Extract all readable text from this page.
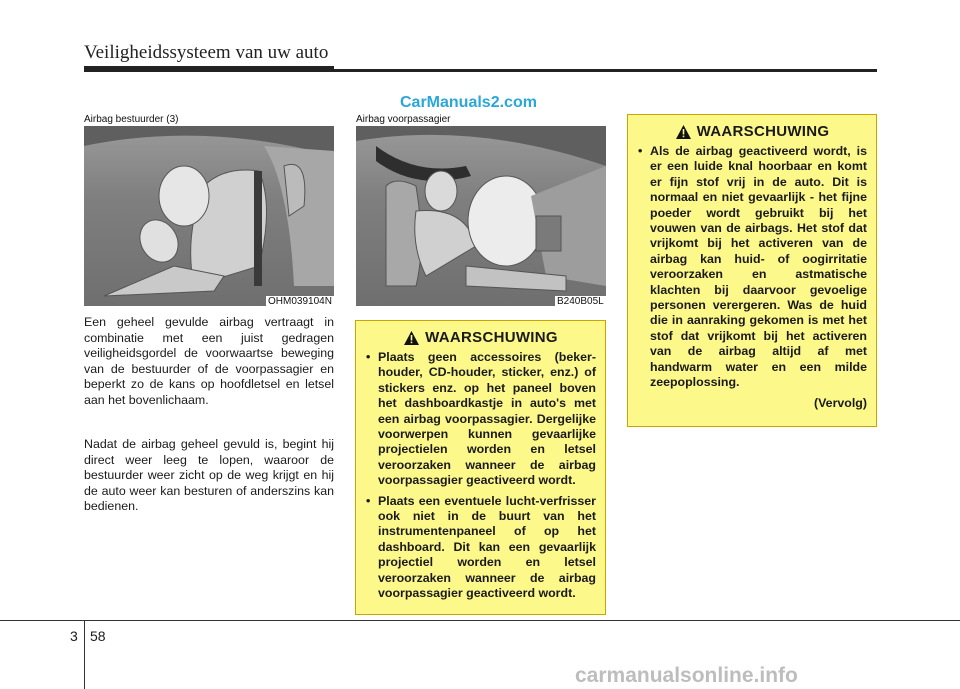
Veiligheidssysteem van uw auto
CarManuals2.com
Airbag bestuurder (3)
OHM039104N
Airbag voorpassagier
B240B05L
Een geheel gevulde airbag vertraagt in combinatie met een juist gedragen veiligheidsgordel de voorwaartse beweging van de bestuurder of de voorpassagier en beperkt zo de kans op hoofdletsel en letsel aan het bovenlichaam.
Nadat de airbag geheel gevuld is, begint hij direct weer leeg te lopen, waaroor de bestuurder weer zicht op de weg krijgt en hij de auto weer kan besturen of anderszins kan bedienen.
WAARSCHUWING
• Plaats geen accessoires (beker-houder, CD-houder, sticker, enz.) of stickers enz. op het paneel boven het dashboardkastje in auto's met een airbag voorpassagier. Dergelijke voorwerpen kunnen gevaarlijke projectielen worden en letsel veroorzaken wanneer de airbag voorpassagier geactiveerd wordt.
• Plaats een eventuele lucht-verfrisser ook niet in de buurt van het instrumentenpaneel of op het dashboard. Dit kan een gevaarlijk projectiel worden en letsel veroorzaken wanneer de airbag voorpassagier geactiveerd wordt.
WAARSCHUWING
• Als de airbag geactiveerd wordt, is er een luide knal hoorbaar en komt er fijn stof vrij in de auto. Dit is normaal en niet gevaarlijk - het fijne poeder wordt gebruikt bij het vouwen van de airbags. Het stof dat vrijkomt bij het activeren van de airbag kan huid- of oogirritatie veroorzaken en astmatische klachten bij daarvoor gevoelige personen verergeren. Was de huid die in aanraking gekomen is met het stof dat vrijkomt bij het activeren van de airbag altijd af met handwarm water en een milde zeepoplossing.
(Vervolg)
3 58
carmanualsonline.info
